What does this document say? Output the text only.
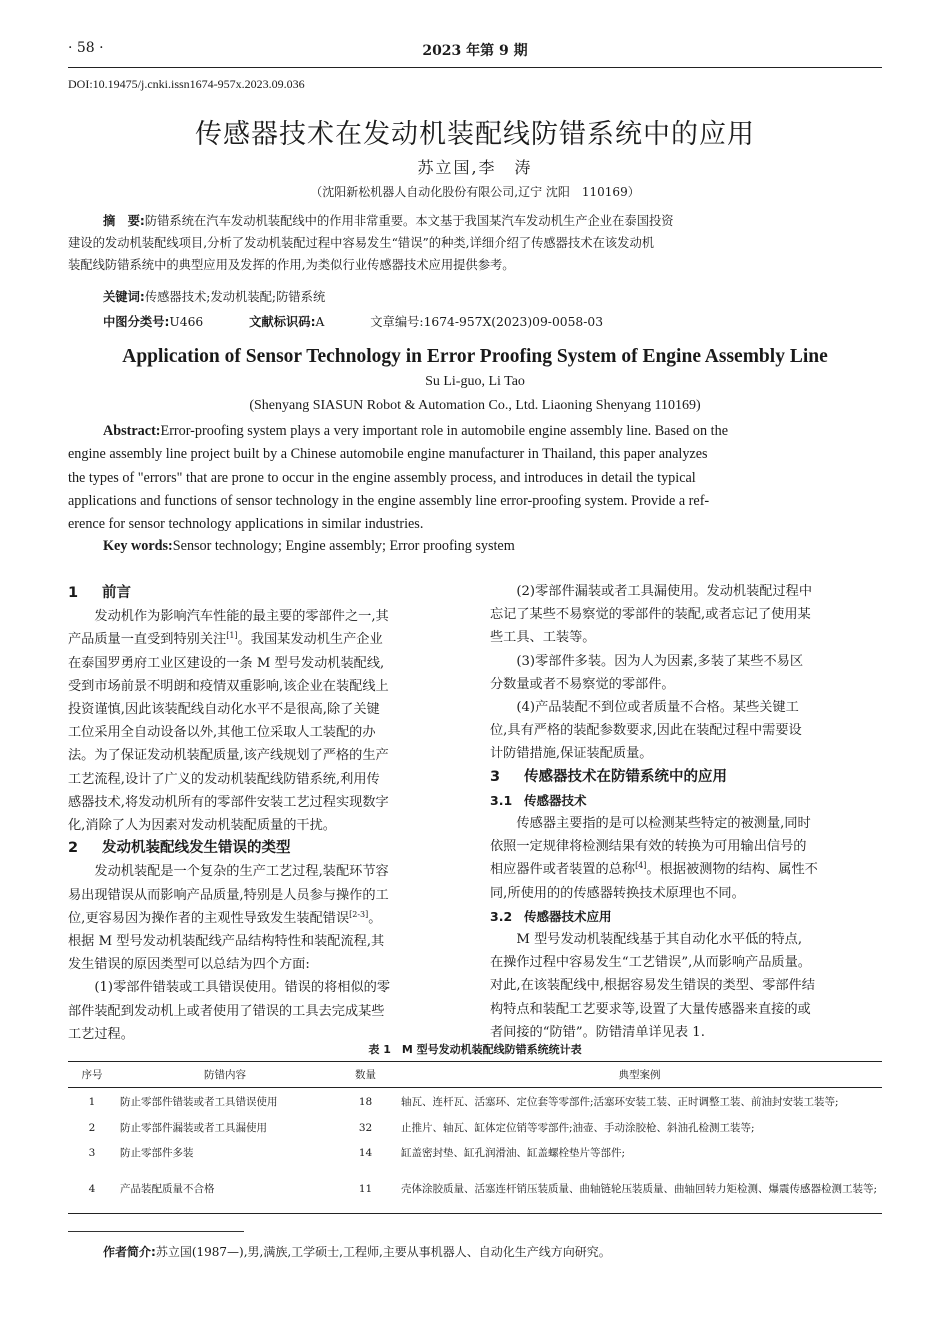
· 58 ·	2023 年第 9 期
DOI:10.19475/j.cnki.issn1674-957x.2023.09.036
传感器技术在发动机装配线防错系统中的应用
苏立国,李　涛
（沈阳新松机器人自动化股份有限公司,辽宁 沈阳　110169）
摘　要:防错系统在汽车发动机装配线中的作用非常重要。本文基于我国某汽车发动机生产企业在泰国投资
建设的发动机装配线项目,分析了发动机装配过程中容易发生“错误”的种类,详细介绍了传感器技术在该发动机
装配线防错系统中的典型应用及发挥的作用,为类似行业传感器技术应用提供参考。
关键词:传感器技术;发动机装配;防错系统
中图分类号:U466	文献标识码:A	文章编号:1674-957X(2023)09-0058-03
Application of Sensor Technology in Error Proofing System of Engine Assembly Line
Su Li-guo, Li Tao
(Shenyang SIASUN Robot & Automation Co., Ltd. Liaoning Shenyang 110169)
Abstract:Error-proofing system plays a very important role in automobile engine assembly line. Based on the
engine assembly line project built by a Chinese automobile engine manufacturer in Thailand, this paper analyzes
the types of "errors" that are prone to occur in the engine assembly process, and introduces in detail the typical
applications and functions of sensor technology in the engine assembly line error-proofing system. Provide a ref-
erence for sensor technology applications in similar industries.
Key words:Sensor technology; Engine assembly; Error proofing system
1 前言

发动机作为影响汽车性能的最主要的零部件之一,其

产品质量一直受到特别关注[1]。我国某发动机生产企业
在泰国罗勇府工业区建设的一条 M 型号发动机装配线,
受到市场前景不明朗和疫情双重影响,该企业在装配线上
投资谨慎,因此该装配线自动化水平不是很高,除了关键
工位采用全自动设备以外,其他工位采取人工装配的办
法。为了保证发动机装配质量,该产线规划了严格的生产
工艺流程,设计了广义的发动机装配线防错系统,利用传
感器技术,将发动机所有的零部件安装工艺过程实现数字
化,消除了人为因素对发动机装配质量的干扰。
2 发动机装配线发生错误的类型

发动机装配是一个复杂的生产工艺过程,装配环节容

易出现错误从而影响产品质量,特别是人员参与操作的工
位,更容易因为操作者的主观性导致发生装配错误[2-3]。
根据 M 型号发动机装配线产品结构特性和装配流程,其
发生错误的原因类型可以总结为四个方面:

(1)零部件错装或工具错误使用。错误的将相似的零

部件装配到发动机上或者使用了错误的工具去完成某些
工艺过程。

(2)零部件漏装或者工具漏使用。发动机装配过程中

忘记了某些不易察觉的零部件的装配,或者忘记了使用某
些工具、工装等。

(3)零部件多装。因为人为因素,多装了某些不易区

分数量或者不易察觉的零部件。

(4)产品装配不到位或者质量不合格。某些关键工

位,具有严格的装配参数要求,因此在装配过程中需要设
计防错措施,保证装配质量。
3 传感器技术在防错系统中的应用
3.1 传感器技术

传感器主要指的是可以检测某些特定的被测量,同时

依照一定规律将检测结果有效的转换为可用输出信号的
相应器件或者装置的总称[4]。根据被测物的结构、属性不
同,所使用的的传感器转换技术原理也不同。
3.2 传感器技术应用

M 型号发动机装配线基于其自动化水平低的特点,

在操作过程中容易发生“工艺错误”,从而影响产品质量。
对此,在该装配线中,根据容易发生错误的类型、零部件结
构特点和装配工艺要求等,设置了大量传感器来直接的或
者间接的“防错”。防错清单详见表 1.
表 1　M 型号发动机装配线防错系统统计表
序号	防错内容	数量	典型案例
1	防止零部件错装或者工具错误使用	18	轴瓦、连杆瓦、活塞环、定位套等零部件;活塞环安装工装、正时调整工装、前油封安装工装等;
2	防止零部件漏装或者工具漏使用	32	止推片、轴瓦、缸体定位销等零部件;油壶、手动涂胶枪、斜油孔检测工装等;
3	防止零部件多装	14	缸盖密封垫、缸孔润滑油、缸盖螺栓垫片等部件;
4	产品装配质量不合格	11	壳体涂胶质量、活塞连杆销压装质量、曲轴链轮压装质量、曲轴回转力矩检测、爆震传感器检测工装等;
作者简介:苏立国(1987—),男,满族,工学硕士,工程师,主要从事机器人、自动化生产线方向研究。
